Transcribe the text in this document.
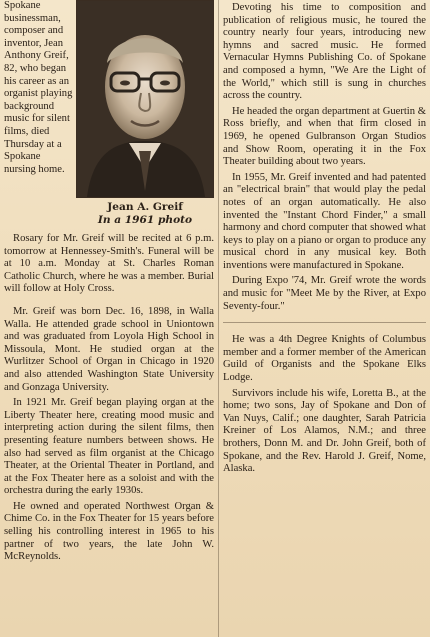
Spokane businessman, composer and inventor, Jean Anthony Greif, 82, who began his career as an organist playing background music for silent films, died Thursday at a Spokane nursing home.

Jean A. Greif
In a 1961 photo

Rosary for Mr. Greif will be recited at 6 p.m. tomorrow at Hennessey-Smith's. Funeral will be at 10 a.m. Monday at St. Charles Roman Catholic Church, where he was a member. Burial will follow at Holy Cross.

Mr. Greif was born Dec. 16, 1898, in Walla Walla. He attended grade school in Uniontown and was graduated from Loyola High School in Missoula, Mont. He studied organ at the Wurlitzer School of Organ in Chicago in 1920 and also attended Washington State University and Gonzaga University.

In 1921 Mr. Greif began playing organ at the Liberty Theater here, creating mood music and interpreting action during the silent films, then presenting feature numbers between shows. He also had served as film organist at the Chicago Theater, at the Oriental Theater in Portland, and at the Fox Theater here as a soloist and with the orchestra during the early 1930s.

He owned and operated Northwest Organ & Chime Co. in the Fox Theater for 15 years before selling his controlling interest in 1965 to his partner of two years, the late John W. McReynolds.

Devoting his time to composition and publication of religious music, he toured the country nearly four years, introducing new hymns and sacred music. He formed Vernacular Hymns Publishing Co. of Spokane and composed a hymn, "We Are the Light of the World," which still is sung in churches across the country.

He headed the organ department at Guertin & Ross briefly, and when that firm closed in 1969, he opened Gulbranson Organ Studios and Show Room, operating it in the Fox Theater building about two years.

In 1955, Mr. Greif invented and had patented an "electrical brain" that would play the pedal notes of an organ automatically. He also invented the "Instant Chord Finder," a small harmony and chord computer that showed what keys to play on a piano or organ to produce any musical chord in any musical key. Both inventions were manufactured in Spokane.

During Expo '74, Mr. Greif wrote the words and music for "Meet Me by the River, at Expo Seventy-four."

He was a 4th Degree Knights of Columbus member and a former member of the American Guild of Organists and the Spokane Elks Lodge.

Survivors include his wife, Loretta B., at the home; two sons, Jay of Spokane and Don of Van Nuys, Calif.; one daughter, Sarah Patricia Kreiner of Los Alamos, N.M.; and three brothers, Donn M. and Dr. John Greif, both of Spokane, and the Rev. Harold J. Greif, Nome, Alaska.
